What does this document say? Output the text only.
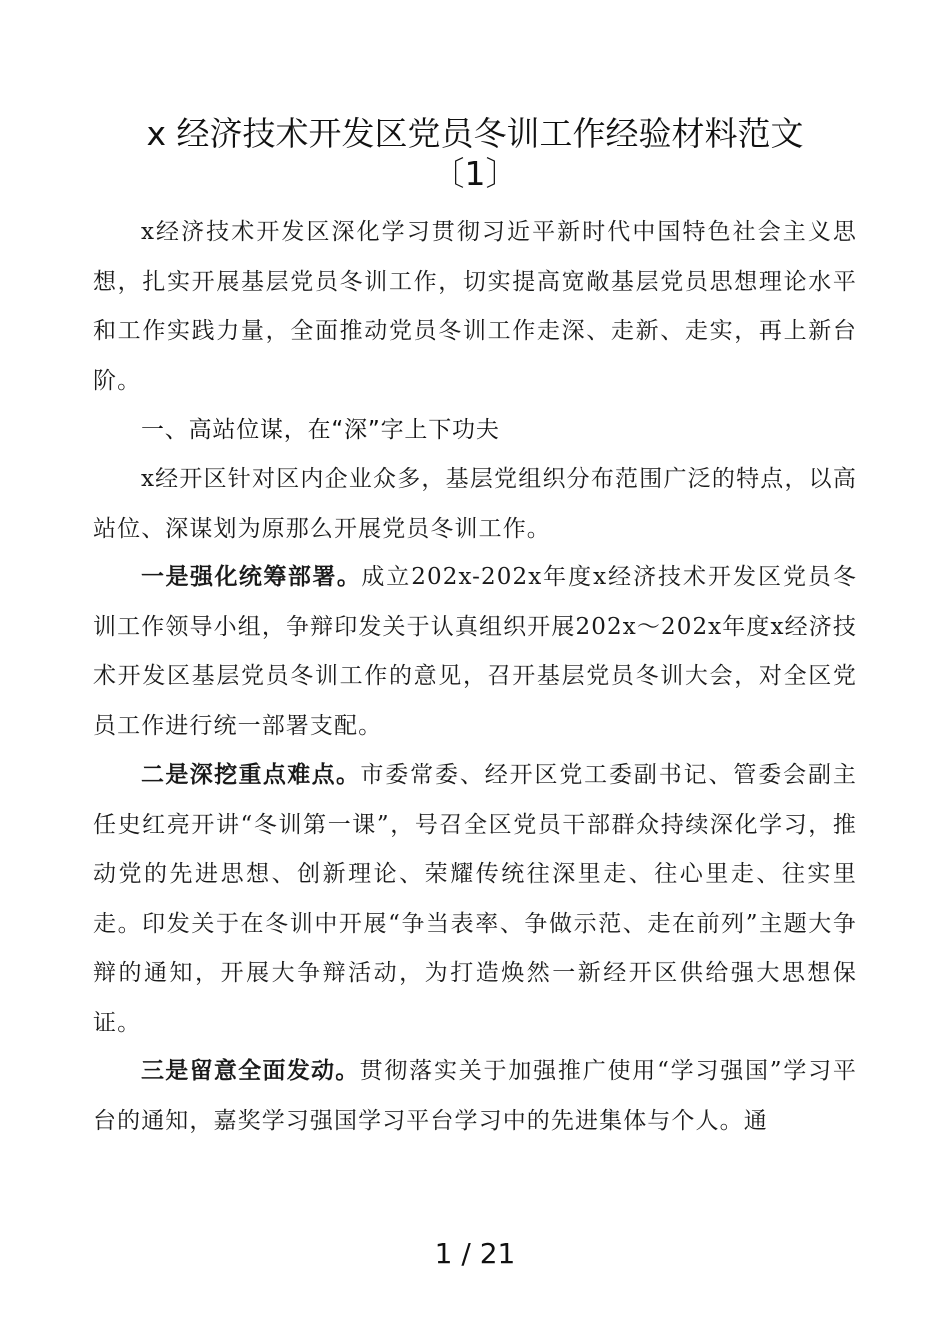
x 经济技术开发区党员冬训工作经验材料范文
〔1〕

x经济技术开发区深化学习贯彻习近平新时代中国特色社会主义思想，扎实开展基层党员冬训工作，切实提高宽敞基层党员思想理论水平和工作实践力量，全面推动党员冬训工作走深、走新、走实，再上新台阶。

一、高站位谋，在“深”字上下功夫

x经开区针对区内企业众多，基层党组织分布范围广泛的特点，以高站位、深谋划为原那么开展党员冬训工作。

一是强化统筹部署。成立202x-202x年度x经济技术开发区党员冬训工作领导小组，争辩印发关于认真组织开展202x～202x年度x经济技术开发区基层党员冬训工作的意见，召开基层党员冬训大会，对全区党员工作进行统一部署支配。

二是深挖重点难点。市委常委、经开区党工委副书记、管委会副主任史红亮开讲“冬训第一课”，号召全区党员干部群众持续深化学习，推动党的先进思想、创新理论、荣耀传统往深里走、往心里走、往实里走。印发关于在冬训中开展“争当表率、争做示范、走在前列”主题大争辩的通知，开展大争辩活动，为打造焕然一新经开区供给强大思想保证。

三是留意全面发动。贯彻落实关于加强推广使用“学习强国”学习平台的通知，嘉奖学习强国学习平台学习中的先进集体与个人。通

1 / 21
